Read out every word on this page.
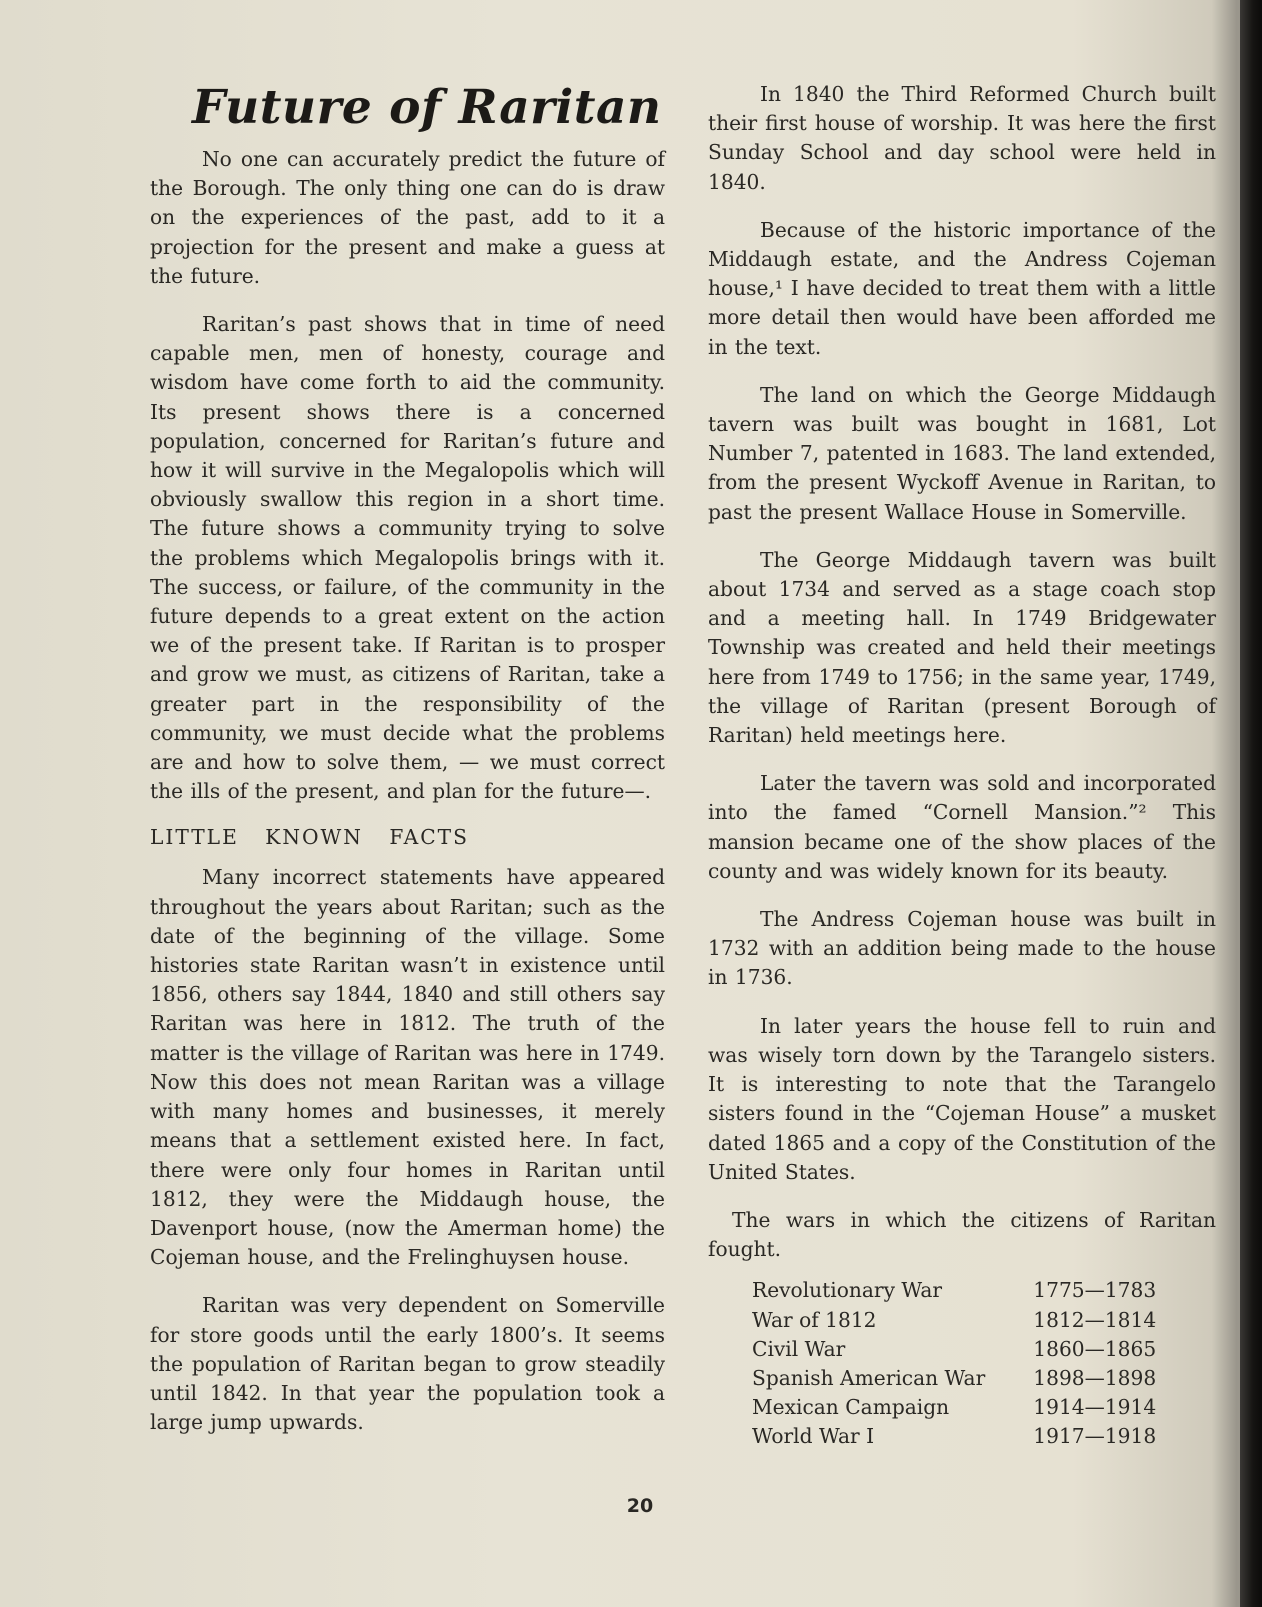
Future of Raritan

No one can accurately predict the future of the Borough. The only thing one can do is draw on the experiences of the past, add to it a projection for the present and make a guess at the future.

Raritan’s past shows that in time of need capable men, men of honesty, courage and wisdom have come forth to aid the community. Its present shows there is a concerned population, concerned for Raritan’s future and how it will survive in the Megalopolis which will obviously swallow this region in a short time. The future shows a community trying to solve the problems which Megalopolis brings with it. The success, or failure, of the community in the future depends to a great extent on the action we of the present take. If Raritan is to prosper and grow we must, as citizens of Raritan, take a greater part in the responsibility of the community, we must decide what the problems are and how to solve them, — we must correct the ills of the present, and plan for the future—.

LITTLE KNOWN FACTS

Many incorrect statements have appeared throughout the years about Raritan; such as the date of the beginning of the village. Some histories state Raritan wasn’t in existence until 1856, others say 1844, 1840 and still others say Raritan was here in 1812. The truth of the matter is the village of Raritan was here in 1749. Now this does not mean Raritan was a village with many homes and businesses, it merely means that a settlement existed here. In fact, there were only four homes in Raritan until 1812, they were the Middaugh house, the Davenport house, (now the Amerman home) the Cojeman house, and the Frelinghuysen house.

Raritan was very dependent on Somerville for store goods until the early 1800’s. It seems the population of Raritan began to grow steadily until 1842. In that year the population took a large jump upwards.

In 1840 the Third Reformed Church built their first house of worship. It was here the first Sunday School and day school were held in 1840.

Because of the historic importance of the Middaugh estate, and the Andress Cojeman house,¹ I have decided to treat them with a little more detail then would have been afforded me in the text.

The land on which the George Middaugh tavern was built was bought in 1681, Lot Number 7, patented in 1683. The land extended, from the present Wyckoff Avenue in Raritan, to past the present Wallace House in Somerville.

The George Middaugh tavern was built about 1734 and served as a stage coach stop and a meeting hall. In 1749 Bridgewater Township was created and held their meetings here from 1749 to 1756; in the same year, 1749, the village of Raritan (present Borough of Raritan) held meetings here.

Later the tavern was sold and incorporated into the famed “Cornell Mansion.”² This mansion became one of the show places of the county and was widely known for its beauty.

The Andress Cojeman house was built in 1732 with an addition being made to the house in 1736.

In later years the house fell to ruin and was wisely torn down by the Tarangelo sisters. It is interesting to note that the Tarangelo sisters found in the “Cojeman House” a musket dated 1865 and a copy of the Constitution of the United States.

The wars in which the citizens of Raritan fought.

Revolutionary War	1775—1783
War of 1812	1812—1814
Civil War	1860—1865
Spanish American War	1898—1898
Mexican Campaign	1914—1914
World War I	1917—1918
20
